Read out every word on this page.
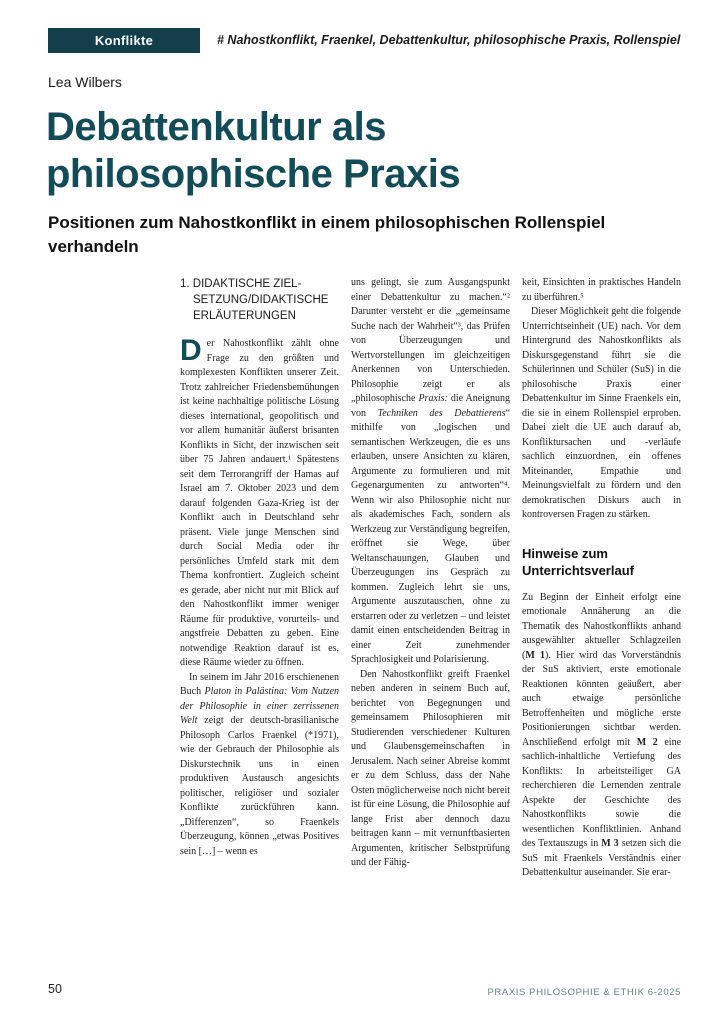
Konflikte	# Nahostkonflikt, Fraenkel, Debattenkultur, philosophische Praxis, Rollenspiel
Lea Wilbers
Debattenkultur als
philosophische Praxis
Positionen zum Nahostkonflikt in einem philosophischen Rollenspiel verhandeln
1. DIDAKTISCHE ZIEL-
SETZUNG/DIDAKTISCHE
ERLÄUTERUNGEN

Der Nahostkonflikt zählt ohne Frage zu den größten und komplexesten Konflikten unserer Zeit. Trotz zahlreicher Friedensbemühungen ist keine nachhaltige politische Lösung dieses international, geopolitisch und vor allem humanitär äußerst brisanten Konflikts in Sicht, der inzwischen seit über 75 Jahren andauert.¹ Spätestens seit dem Terrorangriff der Hamas auf Israel am 7. Oktober 2023 und dem darauf folgenden Gaza-Krieg ist der Konflikt auch in Deutschland sehr präsent. Viele junge Menschen sind durch Social Media oder ihr persönliches Umfeld stark mit dem Thema konfrontiert. Zugleich scheint es gerade, aber nicht nur mit Blick auf den Nahostkonflikt immer weniger Räume für produktive, vorurteils- und angstfreie Debatten zu geben. Eine notwendige Reaktion darauf ist es, diese Räume wieder zu öffnen.

In seinem im Jahr 2016 erschienenen Buch Platon in Palästina: Vom Nutzen der Philosophie in einer zerrissenen Welt zeigt der deutsch-brasilianische Philosoph Carlos Fraenkel (*1971), wie der Gebrauch der Philosophie als Diskurstechnik uns in einen produktiven Austausch angesichts politischer, religiöser und sozialer Konflikte zurückführen kann. „Differenzen“, so Fraenkels Überzeugung, können „etwas Positives sein […] – wenn es

uns gelingt, sie zum Ausgangspunkt einer Debattenkultur zu machen.“² Darunter versteht er die „gemeinsame Suche nach der Wahrheit“³, das Prüfen von Überzeugungen und Wertvorstellungen im gleichzeitigen Anerkennen von Unterschieden. Philosophie zeigt er als „philosophische Praxis: die Aneignung von Techniken des Debattierens“ mithilfe von „logischen und semantischen Werkzeugen, die es uns erlauben, unsere Ansichten zu klären, Argumente zu formulieren und mit Gegenargumenten zu antworten“⁴. Wenn wir also Philosophie nicht nur als akademisches Fach, sondern als Werkzeug zur Verständigung begreifen, eröffnet sie Wege, über Weltanschauungen, Glauben und Überzeugungen ins Gespräch zu kommen. Zugleich lehrt sie uns, Argumente auszutauschen, ohne zu erstarren oder zu verletzen – und leistet damit einen entscheidenden Beitrag in einer Zeit zunehmender Sprachlosigkeit und Polarisierung.

Den Nahostkonflikt greift Fraenkel neben anderen in seinem Buch auf, berichtet von Begegnungen und gemeinsamem Philosophieren mit Studierenden verschiedener Kulturen und Glaubensgemeinschaften in Jerusalem. Nach seiner Abreise kommt er zu dem Schluss, dass der Nahe Osten möglicherweise noch nicht bereit ist für eine Lösung, die Philosophie auf lange Frist aber dennoch dazu beitragen kann – mit vernunftbasierten Argumenten, kritischer Selbstprüfung und der Fähig-

keit, Einsichten in praktisches Handeln zu überführen.⁵

Dieser Möglichkeit geht die folgende Unterrichtseinheit (UE) nach. Vor dem Hintergrund des Nahostkonflikts als Diskursgegenstand führt sie die Schülerinnen und Schüler (SuS) in die philosohische Praxis einer Debattenkultur im Sinne Fraenkels ein, die sie in einem Rollenspiel erproben. Dabei zielt die UE auch darauf ab, Konfliktursachen und -verläufe sachlich einzuordnen, ein offenes Miteinander, Empathie und Meinungsvielfalt zu fördern und den demokratischen Diskurs auch in kontroversen Fragen zu stärken.

Hinweise zum Unterrichtsverlauf

Zu Beginn der Einheit erfolgt eine emotionale Annäherung an die Thematik des Nahostkonflikts anhand ausgewählter aktueller Schlagzeilen (M 1). Hier wird das Vorverständnis der SuS aktiviert, erste emotionale Reaktionen könnten geäußert, aber auch etwaige persönliche Betroffenheiten und mögliche erste Positionierungen sichtbar werden. Anschließend erfolgt mit M 2 eine sachlich-inhaltliche Vertiefung des Konflikts: In arbeitsteiliger GA recherchieren die Lernenden zentrale Aspekte der Geschichte des Nahostkonflikts sowie die wesentlichen Konfliktlinien. Anhand des Textauszugs in M 3 setzen sich die SuS mit Fraenkels Verständnis einer Debattenkultur auseinander. Sie erar-

50	PRAXIS PHILOSOPHIE & ETHIK 6-2025
